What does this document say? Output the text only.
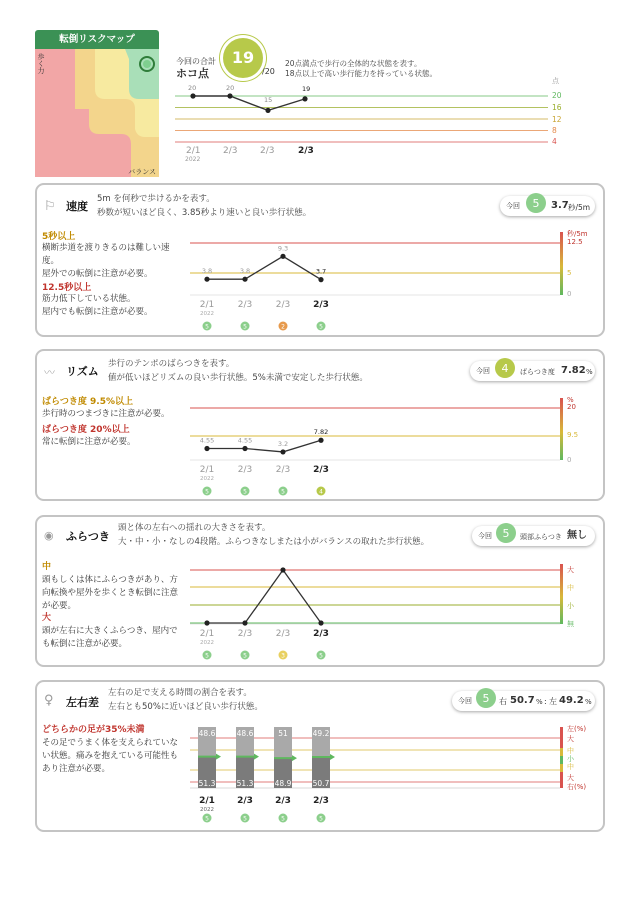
転倒リスクマップ
歩く力
バランス
今回の合計
ホコ点
19
/20
20点満点で歩行の全体的な状態を表す。
18点以上で高い歩行能力を持っている状態。
点
20
16
12
8
4
20	20
15
19
2/1
2022
2/3	2/3	2/3
⚐ 速度
5m を何秒で歩けるかを表す。
秒数が短いほど良く、3.85秒より速いと良い歩行状態。
今回	秒/5m
3.7
5
5秒以上
横断歩道を渡りきるのは難しい速
度。
屋外での転倒に注意が必要。
12.5秒以上
筋力低下している状態。
屋内でも転倒に注意が必要。
秒/5m
12.5
5
0
〰 リズム
歩行のテンポのばらつきを表す。
値が低いほどリズムの良い歩行状態。5%未満で安定した歩行状態。
今回	4	ばらつき度 7.82 %
ばらつき度 9.5%以上
歩行時のつまづきに注意が必要。
ばらつき度 20%以上
常に転倒に注意が必要。
%
20
9.5
0
◉ ふらつき
頭と体の左右への揺れの大きさを表す。
大・中・小・なしの4段階。ふらつきなしまたは小がバランスの取れた歩行状態。
今回 5	頭部ふらつき 無し
中
頭もしくは体にふらつきがあり、方
向転換や屋外を歩くとき転倒に注意
が必要。
大
頭が左右に大きくふらつき、屋内で
も転倒に注意が必要。
大
中
小
無
♀ 左右差
左右の足で支える時間の割合を表す。
左右とも50%に近いほど良い歩行状態。
今回 5	右 50.7 % : 左 49.2 %
どちらかの足が35%未満
その足でうまく体を支えられていな
い状態。痛みを抱えている可能性も
あり注意が必要。
左(%)
大
中
小
中
大
右(%)
3.8	3.8
9.3
3.7
2/1	2/3	2/3	2/3
2022
5	5	2	5
4.55	4.55	3.2
7.82
2/1	2/3	2/3	2/3
2022
5	5	5	4
2/1	2/3	2/3	2/3
2022
5	5	3	5
48.6
51.3
2/1
5
48.6
51.3
2/3
5
51
48.9
2/3
5
49.2
50.7
2/3
5
2022
